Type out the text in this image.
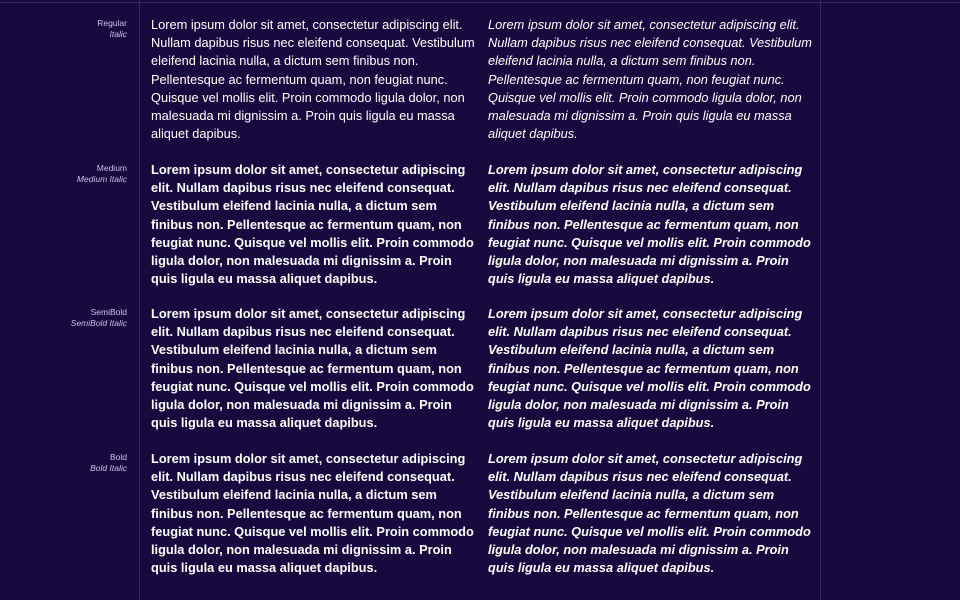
Regular
Italic

Lorem ipsum dolor sit amet, consectetur adipiscing elit. Nullam dapibus risus nec eleifend consequat. Vestibulum eleifend lacinia nulla, a dictum sem finibus non. Pellentesque ac fermentum quam, non feugiat nunc. Quisque vel mollis elit. Proin commodo ligula dolor, non malesuada mi dignissim a. Proin quis ligula eu massa aliquet dapibus.

Lorem ipsum dolor sit amet, consectetur adipiscing elit. Nullam dapibus risus nec eleifend consequat. Vestibulum eleifend lacinia nulla, a dictum sem finibus non. Pellentesque ac fermentum quam, non feugiat nunc. Quisque vel mollis elit. Proin commodo ligula dolor, non malesuada mi dignissim a. Proin quis ligula eu massa aliquet dapibus.

Medium
Medium Italic

Lorem ipsum dolor sit amet, consectetur adipiscing elit. Nullam dapibus risus nec eleifend consequat. Vestibulum eleifend lacinia nulla, a dictum sem finibus non. Pellentesque ac fermentum quam, non feugiat nunc. Quisque vel mollis elit. Proin commodo ligula dolor, non malesuada mi dignissim a. Proin quis ligula eu massa aliquet dapibus.

Lorem ipsum dolor sit amet, consectetur adipiscing elit. Nullam dapibus risus nec eleifend consequat. Vestibulum eleifend lacinia nulla, a dictum sem finibus non. Pellentesque ac fermentum quam, non feugiat nunc. Quisque vel mollis elit. Proin commodo ligula dolor, non malesuada mi dignissim a. Proin quis ligula eu massa aliquet dapibus.

SemiBold
SemiBold Italic

Lorem ipsum dolor sit amet, consectetur adipiscing elit. Nullam dapibus risus nec eleifend consequat. Vestibulum eleifend lacinia nulla, a dictum sem finibus non. Pellentesque ac fermentum quam, non feugiat nunc. Quisque vel mollis elit. Proin commodo ligula dolor, non malesuada mi dignissim a. Proin quis ligula eu massa aliquet dapibus.

Lorem ipsum dolor sit amet, consectetur adipiscing elit. Nullam dapibus risus nec eleifend consequat. Vestibulum eleifend lacinia nulla, a dictum sem finibus non. Pellentesque ac fermentum quam, non feugiat nunc. Quisque vel mollis elit. Proin commodo ligula dolor, non malesuada mi dignissim a. Proin quis ligula eu massa aliquet dapibus.

Bold
Bold Italic

Lorem ipsum dolor sit amet, consectetur adipiscing elit. Nullam dapibus risus nec eleifend consequat. Vestibulum eleifend lacinia nulla, a dictum sem finibus non. Pellentesque ac fermentum quam, non feugiat nunc. Quisque vel mollis elit. Proin commodo ligula dolor, non malesuada mi dignissim a. Proin quis ligula eu massa aliquet dapibus.

Lorem ipsum dolor sit amet, consectetur adipiscing elit. Nullam dapibus risus nec eleifend consequat. Vestibulum eleifend lacinia nulla, a dictum sem finibus non. Pellentesque ac fermentum quam, non feugiat nunc. Quisque vel mollis elit. Proin commodo ligula dolor, non malesuada mi dignissim a. Proin quis ligula eu massa aliquet dapibus.
